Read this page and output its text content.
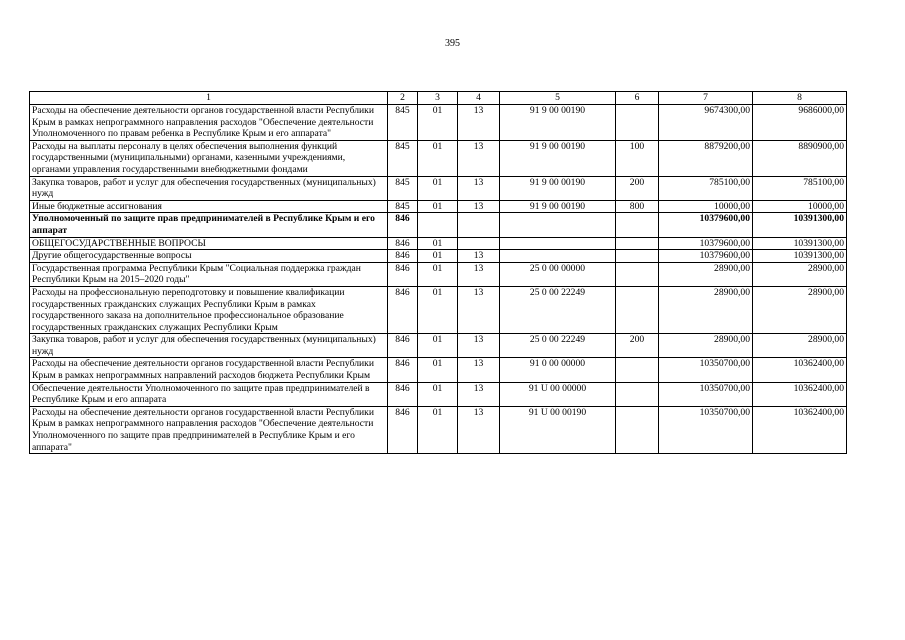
395
1	2	3	4	5	6	7	8
Расходы на обеспечение деятельности органов государственной власти Республики Крым в рамках непрограммного направления расходов "Обеспечение деятельности Уполномоченного по правам ребенка в Республике Крым и его аппарата"	845	01	13	91 9 00 00190		9674300,00	9686000,00
Расходы на выплаты персоналу в целях обеспечения выполнения функций государственными (муниципальными) органами, казенными учреждениями, органами управления государственными внебюджетными фондами	845	01	13	91 9 00 00190	100	8879200,00	8890900,00
Закупка товаров, работ и услуг для обеспечения государственных (муниципальных) нужд	845	01	13	91 9 00 00190	200	785100,00	785100,00
Иные бюджетные ассигнования	845	01	13	91 9 00 00190	800	10000,00	10000,00
Уполномоченный по защите прав предпринимателей в Республике Крым и его аппарат	846					10379600,00	10391300,00
ОБЩЕГОСУДАРСТВЕННЫЕ ВОПРОСЫ	846	01				10379600,00	10391300,00
Другие общегосударственные вопросы	846	01	13			10379600,00	10391300,00
Государственная программа Республики Крым "Социальная поддержка граждан Республики Крым на 2015–2020 годы"	846	01	13	25 0 00 00000		28900,00	28900,00
Расходы на профессиональную переподготовку и повышение квалификации государственных гражданских служащих Республики Крым в рамках государственного заказа на дополнительное профессиональное образование государственных гражданских служащих Республики Крым	846	01	13	25 0 00 22249		28900,00	28900,00
Закупка товаров, работ и услуг для обеспечения государственных (муниципальных) нужд	846	01	13	25 0 00 22249	200	28900,00	28900,00
Расходы на обеспечение деятельности органов государственной власти Республики Крым в рамках непрограммных направлений расходов бюджета Республики Крым	846	01	13	91 0 00 00000		10350700,00	10362400,00
Обеспечение деятельности Уполномоченного по защите прав предпринимателей в Республике Крым и его аппарата	846	01	13	91 U 00 00000		10350700,00	10362400,00
Расходы на обеспечение деятельности органов государственной власти Республики Крым в рамках непрограммного направления расходов "Обеспечение деятельности Уполномоченного по защите прав предпринимателей в Республике Крым и его аппарата"	846	01	13	91 U 00 00190		10350700,00	10362400,00
